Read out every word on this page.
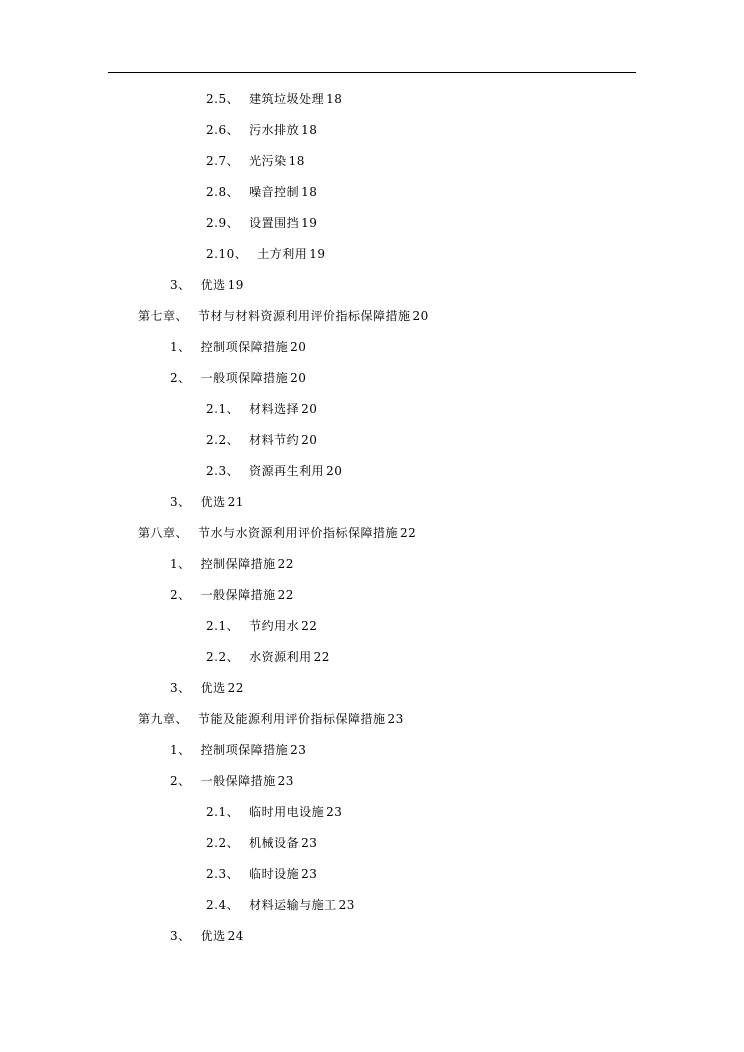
2.5、 建筑垃圾处理 18
2.6、 污水排放 18
2.7、 光污染 18
2.8、 噪音控制 18
2.9、 设置围挡 19
2.10、 土方利用 19
3、 优选 19
第七章、 节材与材料资源利用评价指标保障措施 20
1、 控制项保障措施 20
2、 一般项保障措施 20
2.1、 材料选择 20
2.2、 材料节约 20
2.3、 资源再生利用 20
3、 优选 21
第八章、 节水与水资源利用评价指标保障措施 22
1、 控制保障措施 22
2、 一般保障措施 22
2.1、 节约用水 22
2.2、 水资源利用 22
3、 优选 22
第九章、 节能及能源利用评价指标保障措施 23
1、 控制项保障措施 23
2、 一般保障措施 23
2.1、 临时用电设施 23
2.2、 机械设备 23
2.3、 临时设施 23
2.4、 材料运输与施工 23
3、 优选 24
